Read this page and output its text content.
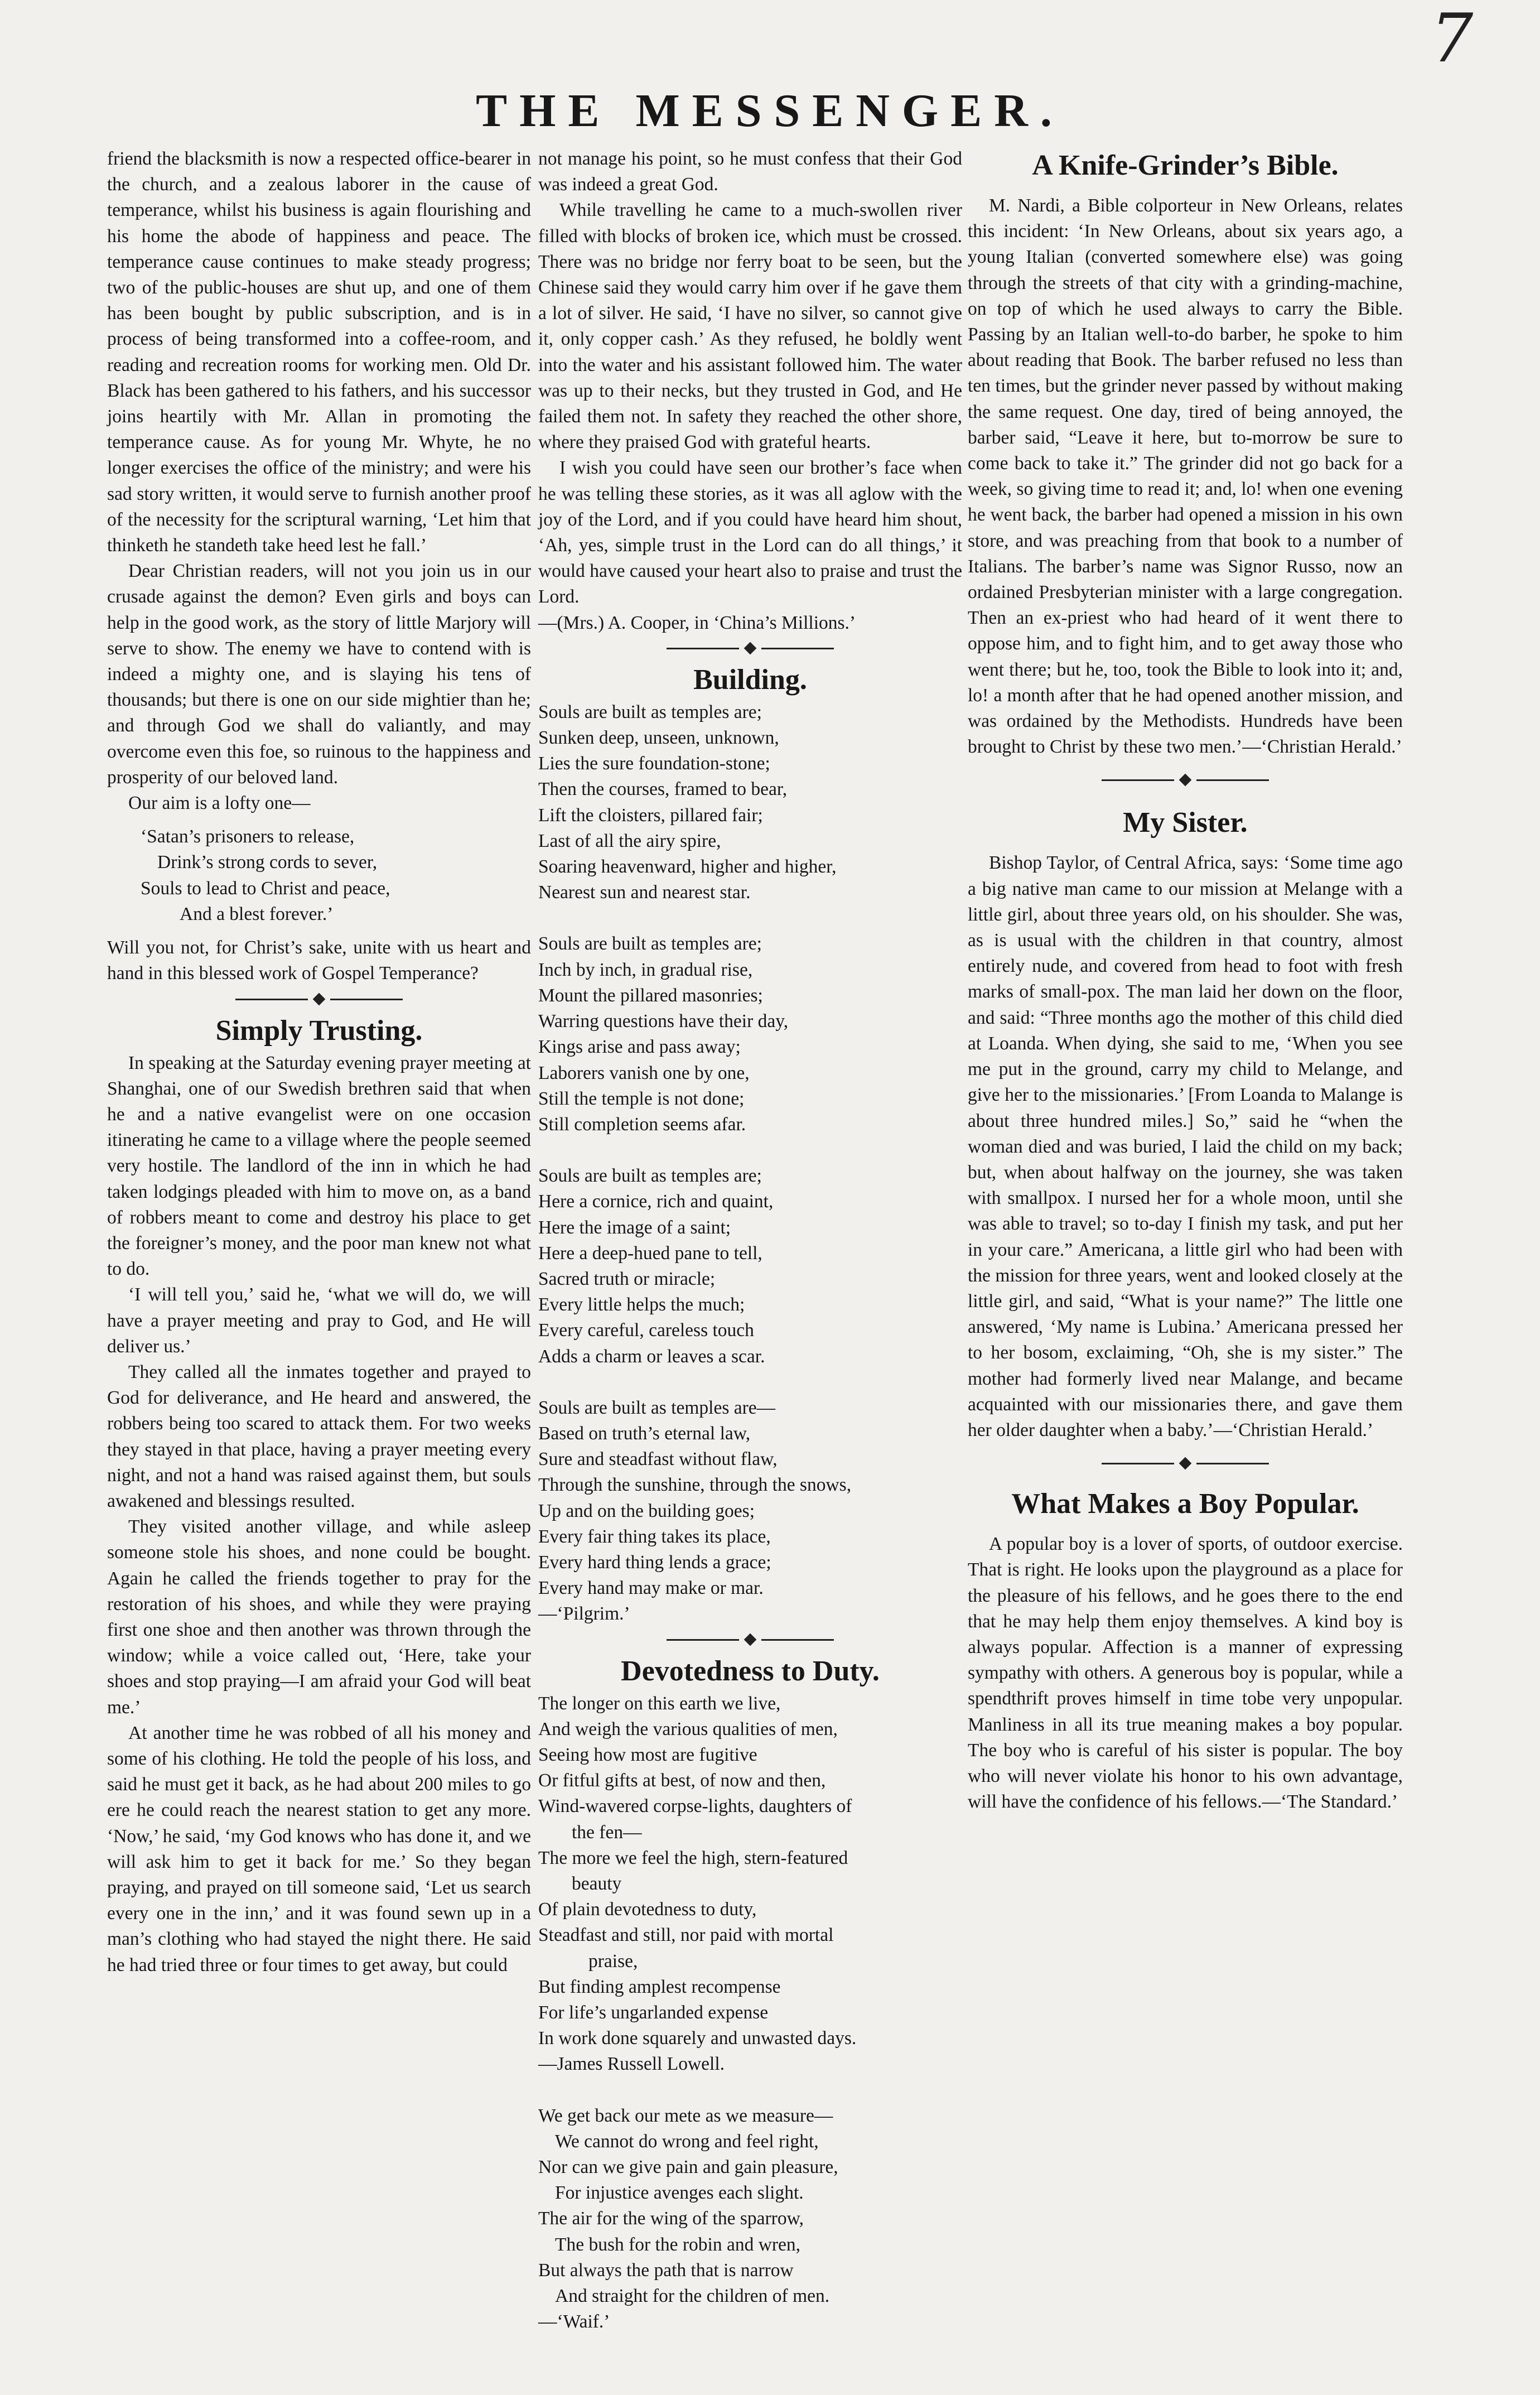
7
THE MESSENGER.

friend the blacksmith is now a respected office-bearer in the church, and a zealous laborer in the cause of temperance, whilst his business is again flourishing and his home the abode of happiness and peace. The temperance cause continues to make steady progress; two of the public-houses are shut up, and one of them has been bought by public subscription, and is in process of being transformed into a coffee-room, and reading and recreation rooms for working men. Old Dr. Black has been gathered to his fathers, and his successor joins heartily with Mr. Allan in promoting the temperance cause. As for young Mr. Whyte, he no longer exercises the office of the ministry; and were his sad story written, it would serve to furnish another proof of the necessity for the scriptural warning, ‘Let him that thinketh he standeth take heed lest he fall.’

Dear Christian readers, will not you join us in our crusade against the demon? Even girls and boys can help in the good work, as the story of little Marjory will serve to show. The enemy we have to contend with is indeed a mighty one, and is slaying his tens of thousands; but there is one on our side mightier than he; and through God we shall do valiantly, and may overcome even this foe, so ruinous to the happiness and prosperity of our beloved land.

Our aim is a lofty one—

‘Satan’s prisoners to release,
Drink’s strong cords to sever,
Souls to lead to Christ and peace,
And a blest forever.’

Will you not, for Christ’s sake, unite with us heart and hand in this blessed work of Gospel Temperance?

Simply Trusting.

In speaking at the Saturday evening prayer meeting at Shanghai, one of our Swedish brethren said that when he and a native evangelist were on one occasion itinerating he came to a village where the people seemed very hostile. The landlord of the inn in which he had taken lodgings pleaded with him to move on, as a band of robbers meant to come and destroy his place to get the foreigner’s money, and the poor man knew not what to do.

‘I will tell you,’ said he, ‘what we will do, we will have a prayer meeting and pray to God, and He will deliver us.’

They called all the inmates together and prayed to God for deliverance, and He heard and answered, the robbers being too scared to attack them. For two weeks they stayed in that place, having a prayer meeting every night, and not a hand was raised against them, but souls awakened and blessings resulted.

They visited another village, and while asleep someone stole his shoes, and none could be bought. Again he called the friends together to pray for the restoration of his shoes, and while they were praying first one shoe and then another was thrown through the window; while a voice called out, ‘Here, take your shoes and stop praying—I am afraid your God will beat me.’

At another time he was robbed of all his money and some of his clothing. He told the people of his loss, and said he must get it back, as he had about 200 miles to go ere he could reach the nearest station to get any more. ‘Now,’ he said, ‘my God knows who has done it, and we will ask him to get it back for me.’ So they began praying, and prayed on till someone said, ‘Let us search every one in the inn,’ and it was found sewn up in a man’s clothing who had stayed the night there. He said he had tried three or four times to get away, but could

not manage his point, so he must confess that their God was indeed a great God.

While travelling he came to a much-swollen river filled with blocks of broken ice, which must be crossed. There was no bridge nor ferry boat to be seen, but the Chinese said they would carry him over if he gave them a lot of silver. He said, ‘I have no silver, so cannot give it, only copper cash.’ As they refused, he boldly went into the water and his assistant followed him. The water was up to their necks, but they trusted in God, and He failed them not. In safety they reached the other shore, where they praised God with grateful hearts.

I wish you could have seen our brother’s face when he was telling these stories, as it was all aglow with the joy of the Lord, and if you could have heard him shout, ‘Ah, yes, simple trust in the Lord can do all things,’ it would have caused your heart also to praise and trust the Lord.

—(Mrs.) A. Cooper, in ‘China’s Millions.’

Building.
Souls are built as temples are;
Sunken deep, unseen, unknown,
Lies the sure foundation-stone;
Then the courses, framed to bear,
Lift the cloisters, pillared fair;
Last of all the airy spire,
Soaring heavenward, higher and higher,
Nearest sun and nearest star.
Souls are built as temples are;
Inch by inch, in gradual rise,
Mount the pillared masonries;
Warring questions have their day,
Kings arise and pass away;
Laborers vanish one by one,
Still the temple is not done;
Still completion seems afar.
Souls are built as temples are;
Here a cornice, rich and quaint,
Here the image of a saint;
Here a deep-hued pane to tell,
Sacred truth or miracle;
Every little helps the much;
Every careful, careless touch
Adds a charm or leaves a scar.
Souls are built as temples are—
Based on truth’s eternal law,
Sure and steadfast without flaw,
Through the sunshine, through the snows,
Up and on the building goes;
Every fair thing takes its place,
Every hard thing lends a grace;
Every hand may make or mar.
—‘Pilgrim.’
Devotedness to Duty.
The longer on this earth we live,
And weigh the various qualities of men,
Seeing how most are fugitive
Or fitful gifts at best, of now and then,
Wind-wavered corpse-lights, daughters of
the fen—
The more we feel the high, stern-featured
beauty
Of plain devotedness to duty,
Steadfast and still, nor paid with mortal
praise,
But finding amplest recompense
For life’s ungarlanded expense
In work done squarely and unwasted days.
—James Russell Lowell.
We get back our mete as we measure—
We cannot do wrong and feel right,
Nor can we give pain and gain pleasure,
For injustice avenges each slight.
The air for the wing of the sparrow,
The bush for the robin and wren,
But always the path that is narrow
And straight for the children of men.
—‘Waif.’
A Knife-Grinder’s Bible.

M. Nardi, a Bible colporteur in New Orleans, relates this incident: ‘In New Orleans, about six years ago, a young Italian (converted somewhere else) was going through the streets of that city with a grinding-machine, on top of which he used always to carry the Bible. Passing by an Italian well-to-do barber, he spoke to him about reading that Book. The barber refused no less than ten times, but the grinder never passed by without making the same request. One day, tired of being annoyed, the barber said, “Leave it here, but to-morrow be sure to come back to take it.” The grinder did not go back for a week, so giving time to read it; and, lo! when one evening he went back, the barber had opened a mission in his own store, and was preaching from that book to a number of Italians. The barber’s name was Signor Russo, now an ordained Presbyterian minister with a large congregation. Then an ex-priest who had heard of it went there to oppose him, and to fight him, and to get away those who went there; but he, too, took the Bible to look into it; and, lo! a month after that he had opened another mission, and was ordained by the Methodists. Hundreds have been brought to Christ by these two men.’—‘Christian Herald.’

My Sister.

Bishop Taylor, of Central Africa, says: ‘Some time ago a big native man came to our mission at Melange with a little girl, about three years old, on his shoulder. She was, as is usual with the children in that country, almost entirely nude, and covered from head to foot with fresh marks of small-pox. The man laid her down on the floor, and said: “Three months ago the mother of this child died at Loanda. When dying, she said to me, ‘When you see me put in the ground, carry my child to Melange, and give her to the missionaries.’ [From Loanda to Malange is about three hundred miles.] So,” said he “when the woman died and was buried, I laid the child on my back; but, when about halfway on the journey, she was taken with smallpox. I nursed her for a whole moon, until she was able to travel; so to-day I finish my task, and put her in your care.” Americana, a little girl who had been with the mission for three years, went and looked closely at the little girl, and said, “What is your name?” The little one answered, ‘My name is Lubina.’ Americana pressed her to her bosom, exclaiming, “Oh, she is my sister.” The mother had formerly lived near Malange, and became acquainted with our missionaries there, and gave them her older daughter when a baby.’—‘Christian Herald.’

What Makes a Boy Popular.

A popular boy is a lover of sports, of outdoor exercise. That is right. He looks upon the playground as a place for the pleasure of his fellows, and he goes there to the end that he may help them enjoy themselves. A kind boy is always popular. Affection is a manner of expressing sympathy with others. A generous boy is popular, while a spendthrift proves himself in time tobe very unpopular. Manliness in all its true meaning makes a boy popular. The boy who is careful of his sister is popular. The boy who will never violate his honor to his own advantage, will have the confidence of his fellows.—‘The Standard.’
